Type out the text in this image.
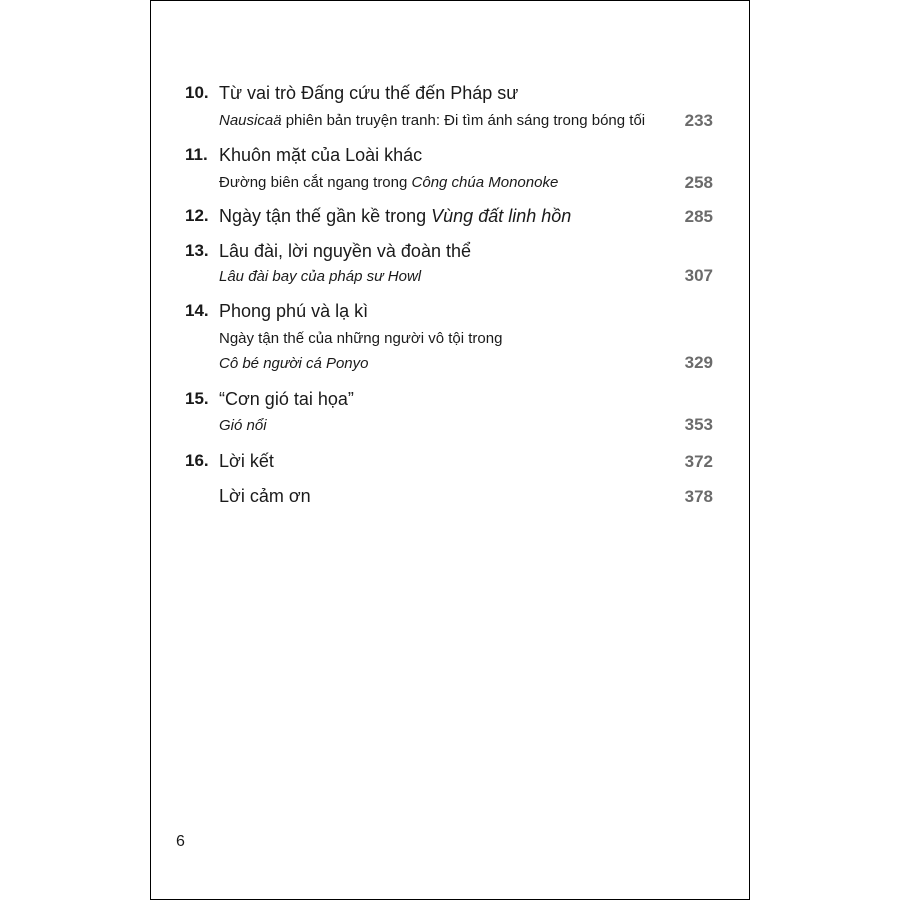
10. Từ vai trò Đấng cứu thế đến Pháp sư
Nausicaä phiên bản truyện tranh: Đi tìm ánh sáng trong bóng tối 233
11. Khuôn mặt của Loài khác
Đường biên cắt ngang trong Công chúa Mononoke	258
12. Ngày tận thế gần kề trong Vùng đất linh hồn	285
13. Lâu đài, lời nguyền và đoàn thể
Lâu đài bay của pháp sư Howl	307
14. Phong phú và lạ kì
Ngày tận thế của những người vô tội trong
Cô bé người cá Ponyo	329
15. “Cơn gió tai họa”
Gió nổi	353
16. Lời kết	372
Lời cảm ơn	378
6
